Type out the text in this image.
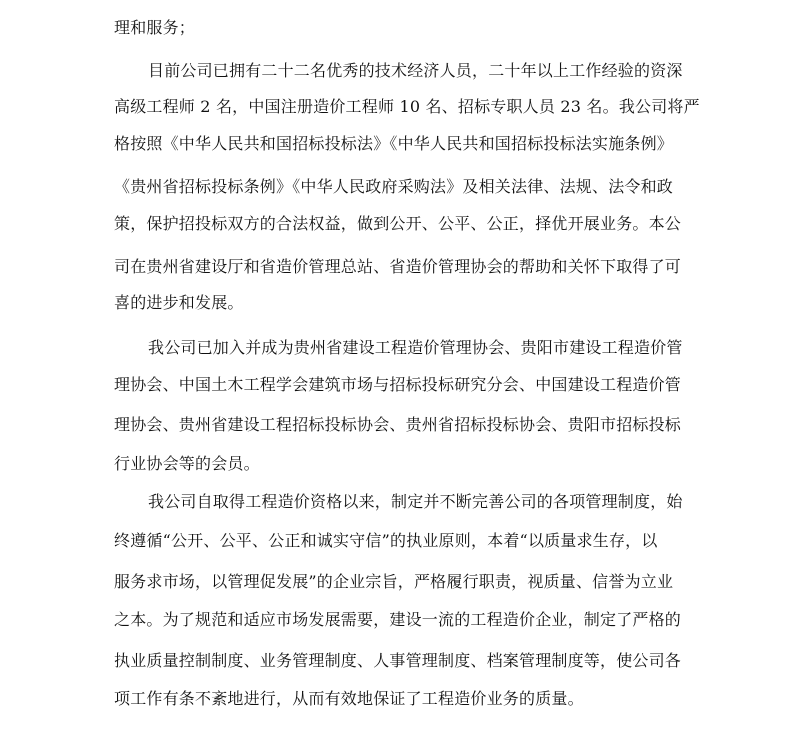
理和服务；
目前公司已拥有二十二名优秀的技术经济人员，二十年以上工作经验的资深
高级工程师 2 名，中国注册造价工程师 10 名、招标专职人员 23 名。我公司将严
格按照《中华人民共和国招标投标法》《中华人民共和国招标投标法实施条例》
《贵州省招标投标条例》《中华人民政府采购法》及相关法律、法规、法令和政
策，保护招投标双方的合法权益，做到公开、公平、公正，择优开展业务。本公
司在贵州省建设厅和省造价管理总站、省造价管理协会的帮助和关怀下取得了可
喜的进步和发展。
我公司已加入并成为贵州省建设工程造价管理协会、贵阳市建设工程造价管
理协会、中国土木工程学会建筑市场与招标投标研究分会、中国建设工程造价管
理协会、贵州省建设工程招标投标协会、贵州省招标投标协会、贵阳市招标投标
行业协会等的会员。
我公司自取得工程造价资格以来，制定并不断完善公司的各项管理制度，始
终遵循“公开、公平、公正和诚实守信”的执业原则，本着“以质量求生存，以
服务求市场，以管理促发展”的企业宗旨，严格履行职责，视质量、信誉为立业
之本。为了规范和适应市场发展需要，建设一流的工程造价企业，制定了严格的
执业质量控制制度、业务管理制度、人事管理制度、档案管理制度等，使公司各
项工作有条不紊地进行，从而有效地保证了工程造价业务的质量。
